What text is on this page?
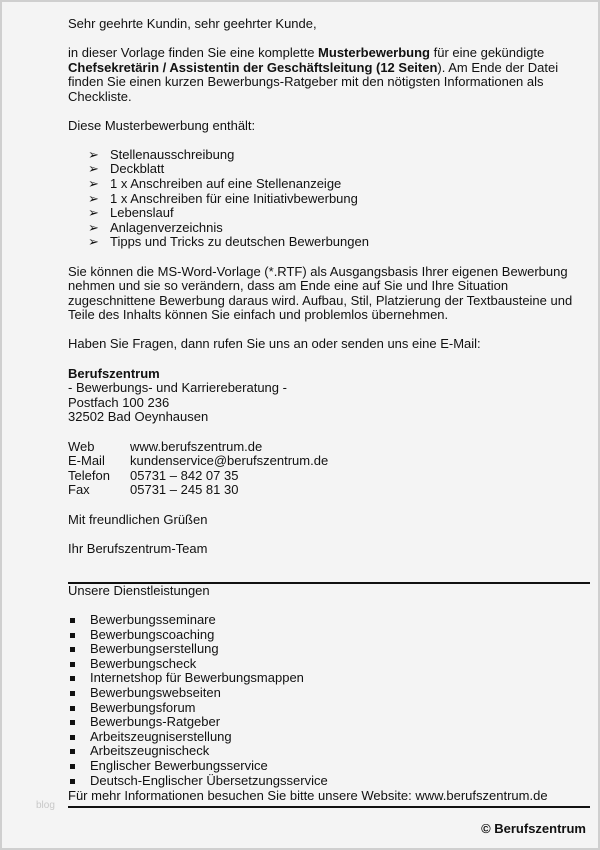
Sehr geehrte Kundin, sehr geehrter Kunde,

in dieser Vorlage finden Sie eine komplette Musterbewerbung für eine gekündigte Chefsekretärin / Assistentin der Geschäftsleitung (12 Seiten). Am Ende der Datei finden Sie einen kurzen Bewerbungs-Ratgeber mit den nötigsten Informationen als Checkliste.

Diese Musterbewerbung enthält:

➢ Stellenausschreibung
➢ Deckblatt
➢ 1 x Anschreiben auf eine Stellenanzeige
➢ 1 x Anschreiben für eine Initiativbewerbung
➢ Lebenslauf
➢ Anlagenverzeichnis
➢ Tipps und Tricks zu deutschen Bewerbungen

Sie können die MS-Word-Vorlage (*.RTF) als Ausgangsbasis Ihrer eigenen Bewerbung nehmen und sie so verändern, dass am Ende eine auf Sie und Ihre Situation zugeschnittene Bewerbung daraus wird. Aufbau, Stil, Platzierung der Textbausteine und Teile des Inhalts können Sie einfach und problemlos übernehmen.

Haben Sie Fragen, dann rufen Sie uns an oder senden uns eine E-Mail:

Berufszentrum
- Bewerbungs- und Karriereberatung -
Postfach 100 236
32502 Bad Oeynhausen

Web	www.berufszentrum.de
E-Mail	kundenservice@berufszentrum.de
Telefon	05731 – 842 07 35
Fax	05731 – 245 81 30

Mit freundlichen Grüßen

Ihr Berufszentrum-Team

Unsere Dienstleistungen

Bewerbungsseminare
Bewerbungscoaching
Bewerbungserstellung
Bewerbungscheck
Internetshop für Bewerbungsmappen
Bewerbungswebseiten
Bewerbungsforum
Bewerbungs-Ratgeber
Arbeitszeugniserstellung
Arbeitszeugnischeck
Englischer Bewerbungsservice
Deutsch-Englischer Übersetzungsservice
blog
Für mehr Informationen besuchen Sie bitte unsere Website: www.berufszentrum.de
© Berufszentrum
